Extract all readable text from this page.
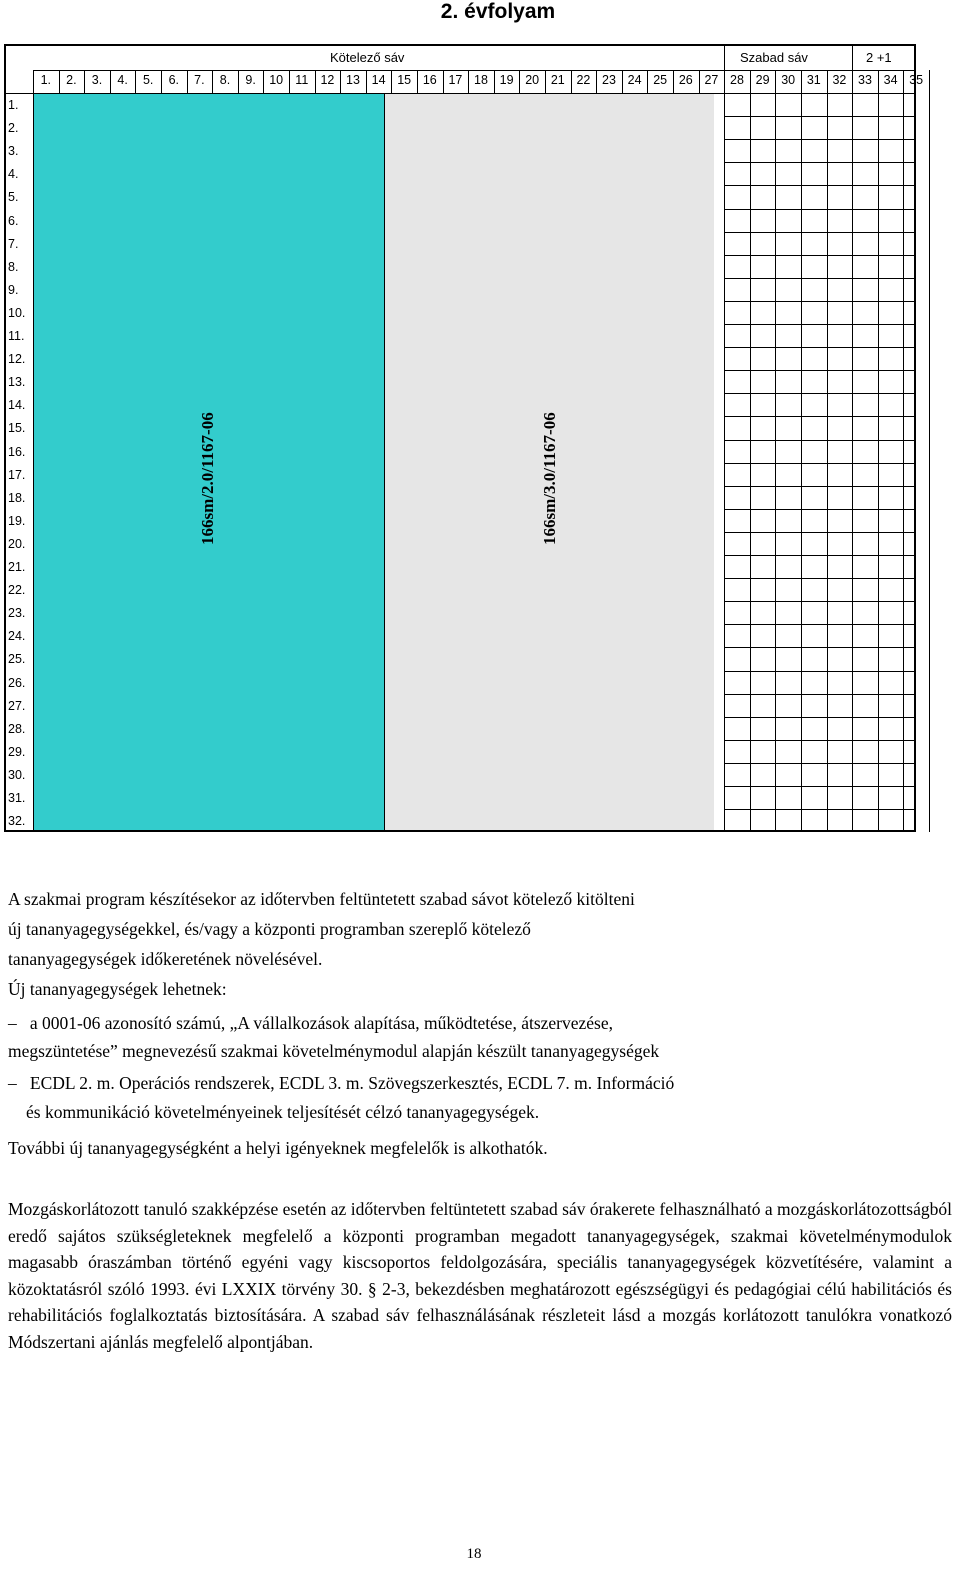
2. évfolyam
Kötelező sáv	Szabad sáv	2 +1
1.	2.	3.	4.	5.	6.	7.	8.	9.	10 11 12 13 14 15 16 17 18 19 20 21 22 23 24 25 26 27 28 29 30 31 32 33 34 35
1.
2.
3.
4.
5.
6.
7.
8.
9.
10.
11.
12.
13.
14.
15.
16.
17.
18.
19.
20.
21.
22.
23.
24.
25.
26.
27.
28.
29.
30.
31.
32.
166sm/2.0/1167-06	166sm/3.0/1167-06
A szakmai program készítésekor az időtervben feltüntetett szabad sávot kötelező kitölteni
új tananyagegységekkel, és/vagy a központi programban szereplő kötelező
tananyagegységek időkeretének növelésével.
Új tananyagegységek lehetnek:
– a 0001-06 azonosító számú, „A vállalkozások alapítása, működtetése, átszervezése,
megszüntetése” megnevezésű szakmai követelménymodul alapján készült tananyagegységek
– ECDL 2. m. Operációs rendszerek, ECDL 3. m. Szövegszerkesztés, ECDL 7. m. Információ
és kommunikáció követelményeinek teljesítését célzó tananyagegységek.
További új tananyagegységként a helyi igényeknek megfelelők is alkothatók.
Mozgáskorlátozott tanuló szakképzése esetén az időtervben feltüntetett szabad sáv órakerete felhasználható a mozgáskorlátozottságból eredő sajátos szükségleteknek megfelelő a központi programban megadott tananyagegységek, szakmai követelménymodulok magasabb óraszámban történő egyéni vagy kiscsoportos feldolgozására, speciális tananyagegységek közvetítésére, valamint a közoktatásról szóló 1993. évi LXXIX törvény 30. § 2-3, bekezdésben meghatározott egészségügyi és pedagógiai célú habilitációs és rehabilitációs foglalkoztatás biztosítására. A szabad sáv felhasználásának részleteit lásd a mozgás korlátozott tanulókra vonatkozó Módszertani ajánlás megfelelő alpontjában.
18
